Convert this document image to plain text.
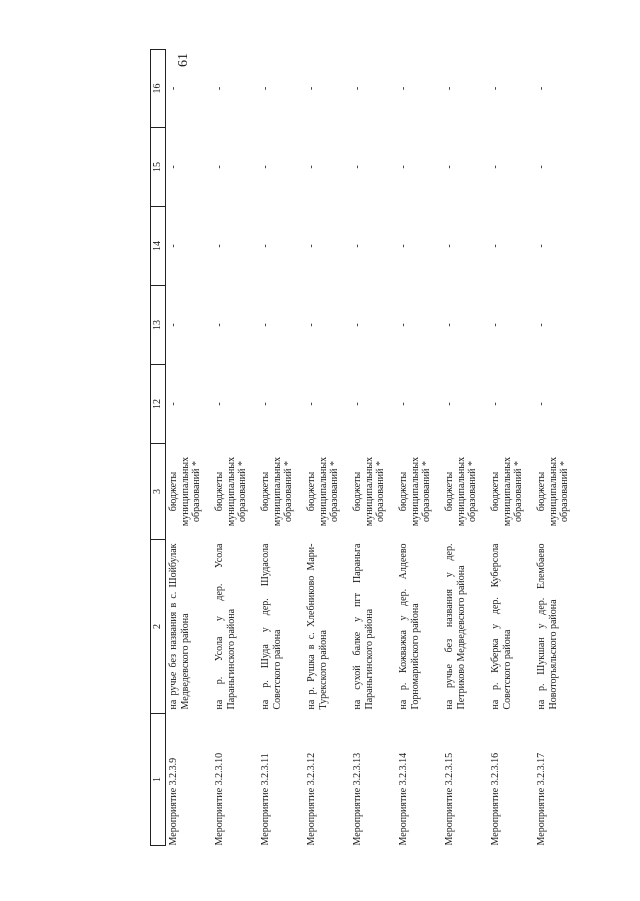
61
1	2	3	12	13	14	15	16
Мероприятие 3.2.3.9	на ручье без названия в с. Шойбулак Медведевского района	бюджеты муниципальных образований *	-	-	-	-	-
Мероприятие 3.2.3.10	на р. Усола у дер. Усола Параньгинского района	бюджеты муниципальных образований *	-	-	-	-	-
Мероприятие 3.2.3.11	на р. Шуда у дер. Шудасола Советского района	бюджеты муниципальных образований *	-	-	-	-	-
Мероприятие 3.2.3.12	на р. Рушка в с. Хлебниково Мари-Турекского района	бюджеты муниципальных образований *	-	-	-	-	-
Мероприятие 3.2.3.13	на сухой балке у пгт Параньга Параньгинского района	бюджеты муниципальных образований *	-	-	-	-	-
Мероприятие 3.2.3.14	на р. Кожважка у дер. Алдеево Горномарийского района	бюджеты муниципальных образований *	-	-	-	-	-
Мероприятие 3.2.3.15	на ручье без названия у дер. Петриково Медведевского района	бюджеты муниципальных образований *	-	-	-	-	-
Мероприятие 3.2.3.16	на р. Куберка у дер. Куберсола Советского района	бюджеты муниципальных образований *	-	-	-	-	-
Мероприятие 3.2.3.17	на р. Шукшан у дер. Елембаево Новоторъяльского района	бюджеты муниципальных образований *	-	-	-	-	-
